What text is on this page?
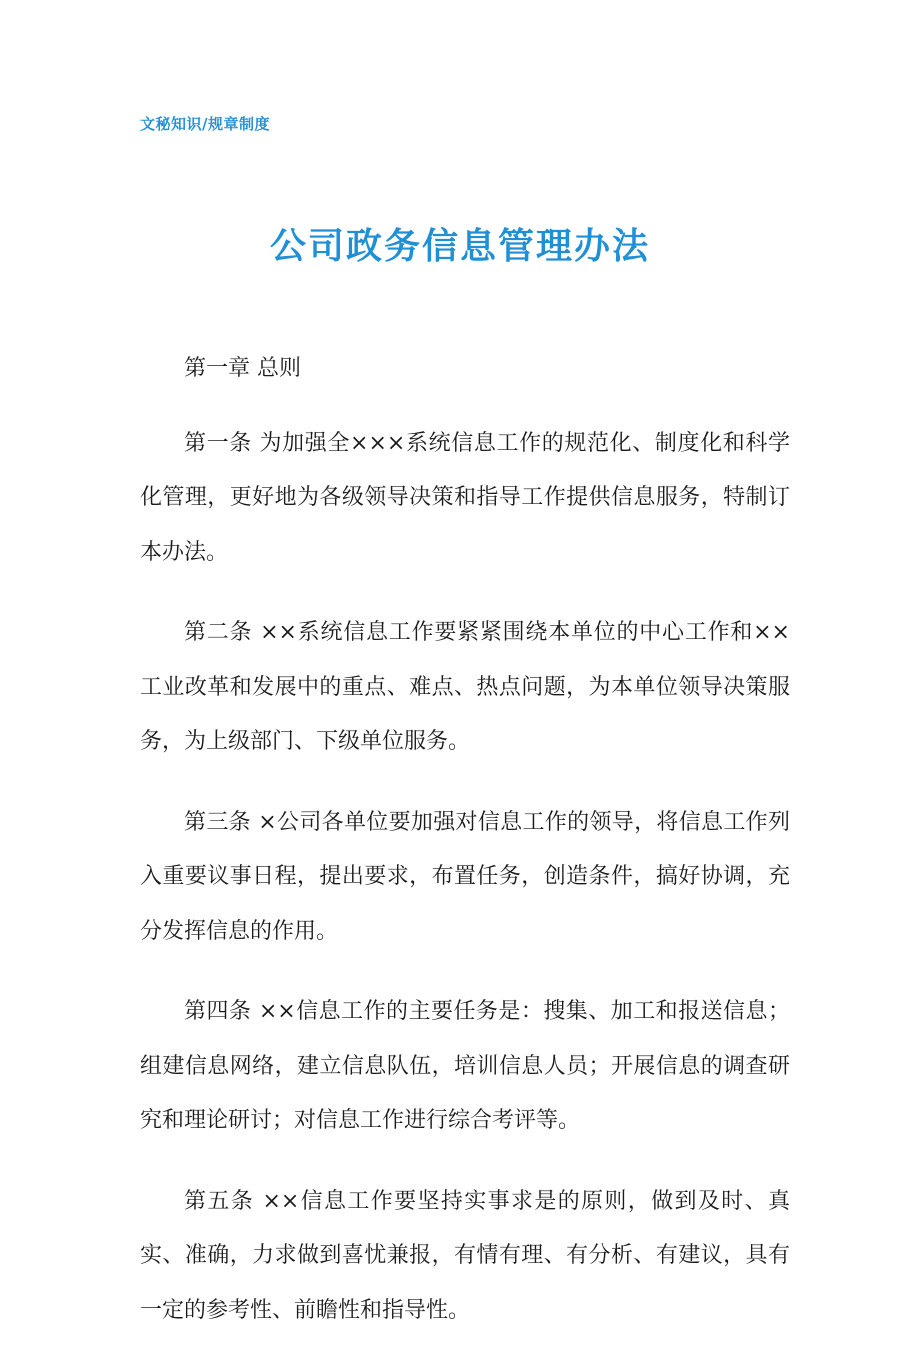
文秘知识/规章制度
公司政务信息管理办法

第一章 总则

第一条 为加强全×××系统信息工作的规范化、制度化和科学化管理，更好地为各级领导决策和指导工作提供信息服务，特制订本办法。

第二条 ××系统信息工作要紧紧围绕本单位的中心工作和××工业改革和发展中的重点、难点、热点问题，为本单位领导决策服务，为上级部门、下级单位服务。

第三条 ×公司各单位要加强对信息工作的领导，将信息工作列入重要议事日程，提出要求，布置任务，创造条件，搞好协调，充分发挥信息的作用。

第四条 ××信息工作的主要任务是：搜集、加工和报送信息；组建信息网络，建立信息队伍，培训信息人员；开展信息的调查研究和理论研讨；对信息工作进行综合考评等。

第五条 ××信息工作要坚持实事求是的原则，做到及时、真实、准确，力求做到喜忧兼报，有情有理、有分析、有建议，具有一定的参考性、前瞻性和指导性。
